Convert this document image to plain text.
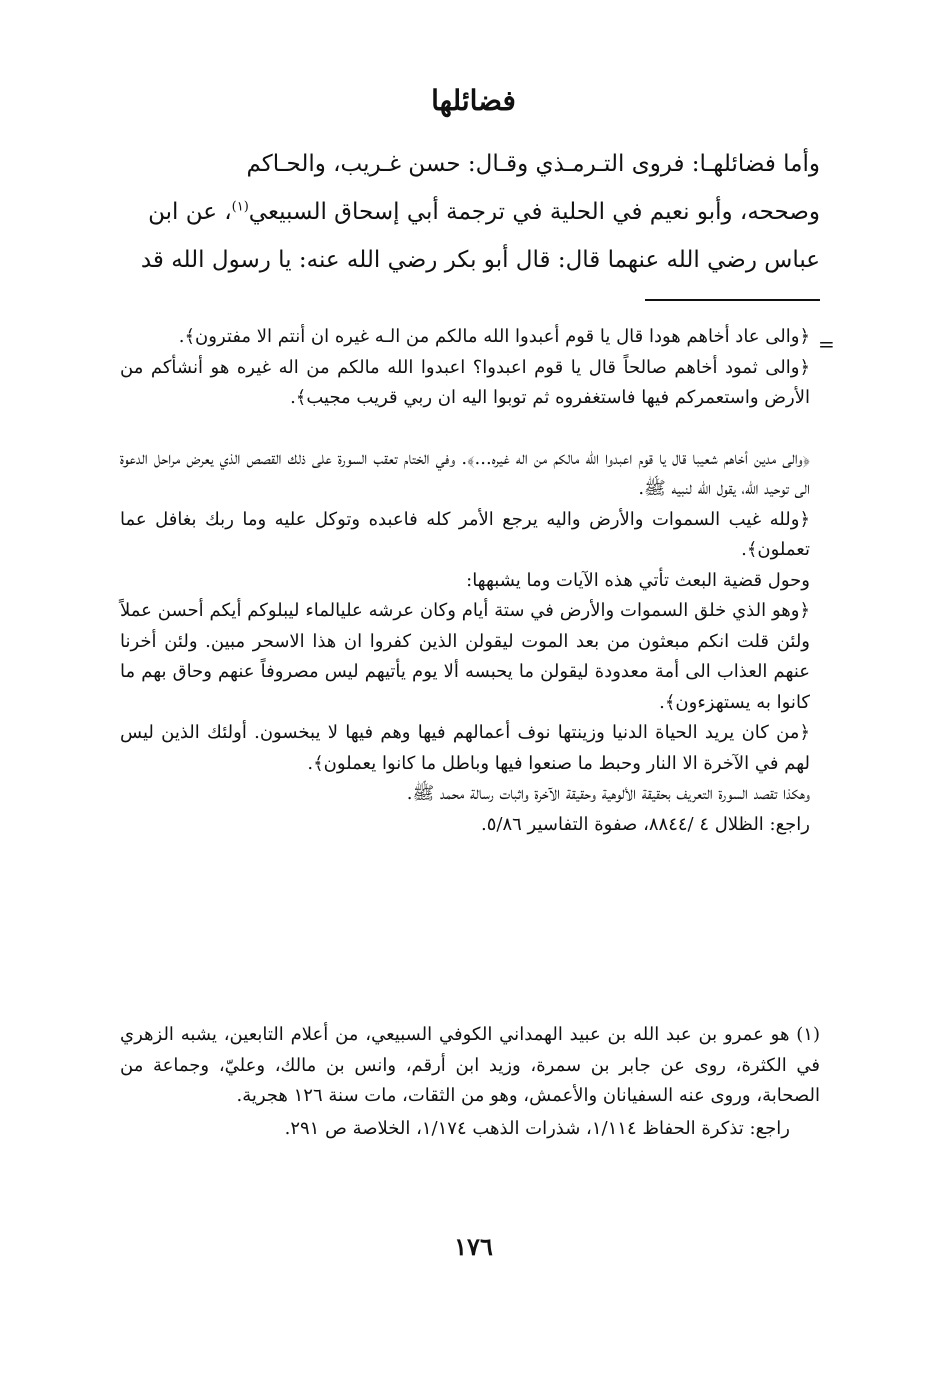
فضائلها

وأما فضائلهـا: فروى التـرمـذي وقـال: حسن غـريب، والحـاكم

وصححه، وأبو نعيم في الحلية في ترجمة أبي إسحاق السبيعي$^{(١)}$، عن ابن

عباس رضي الله عنهما قال: قال أبو بكر رضي الله عنه: يا رسول الله قد

=

﴿والى عاد أخاهم هودا قال يا قوم أعبدوا الله مالكم من الـه غيره ان أنتم الا مفترون﴾.

﴿والى ثمود أخاهم صالحاً قال يا قوم اعبدوا؟ اعبدوا الله مالكم من اله غيره هو أنشأكم من الأرض واستعمركم فيها فاستغفروه ثم توبوا اليه ان ربي قريب مجيب﴾.

﴿والى مدين أخاهم شعيبا قال يا قوم اعبدوا الله مالكم من اله غيره...﴾. وفي الختام تعقب السورة على ذلك القصص الذي يعرض مراحل الدعوة الى توحيد الله، يقول الله لنبيه ﷺ.

﴿ولله غيب السموات والأرض واليه يرجع الأمر كله فاعبده وتوكل عليه وما ربك بغافل عما تعملون﴾.

وحول قضية البعث تأتي هذه الآيات وما يشبهها:

﴿وهو الذي خلق السموات والأرض في ستة أيام وكان عرشه عليالماء ليبلوكم أيكم أحسن عملاً ولئن قلت انكم مبعثون من بعد الموت ليقولن الذين كفروا ان هذا الاسحر مبين. ولئن أخرنا عنهم العذاب الى أمة معدودة ليقولن ما يحبسه ألا يوم يأتيهم ليس مصروفاً عنهم وحاق بهم ما كانوا به يستهزءون﴾.

﴿من كان يريد الحياة الدنيا وزينتها نوف أعمالهم فيها وهم فيها لا يبخسون. أولئك الذين ليس لهم في الآخرة الا النار وحبط ما صنعوا فيها وباطل ما كانوا يعملون﴾.

وهكذا تقصد السورة التعريف بحقيقة الألوهية وحقيقة الآخرة واثبات رسالة محمد ﷺ.

راجع: الظلال ٤ /٨٨٤٤، صفوة التفاسير ٥/٨٦.

(١) هو عمرو بن عبد الله بن عبيد الهمداني الكوفي السبيعي، من أعلام التابعين، يشبه الزهري في الكثرة، روى عن جابر بن سمرة، وزيد ابن أرقم، وانس بن مالك، وعليّ، وجماعة من الصحابة، وروى عنه السفيانان والأعمش، وهو من الثقات، مات سنة ١٢٦ هجرية.

راجع: تذكرة الحفاظ ١/١١٤، شذرات الذهب ١/١٧٤، الخلاصة ص ٢٩١.

١٧٦
